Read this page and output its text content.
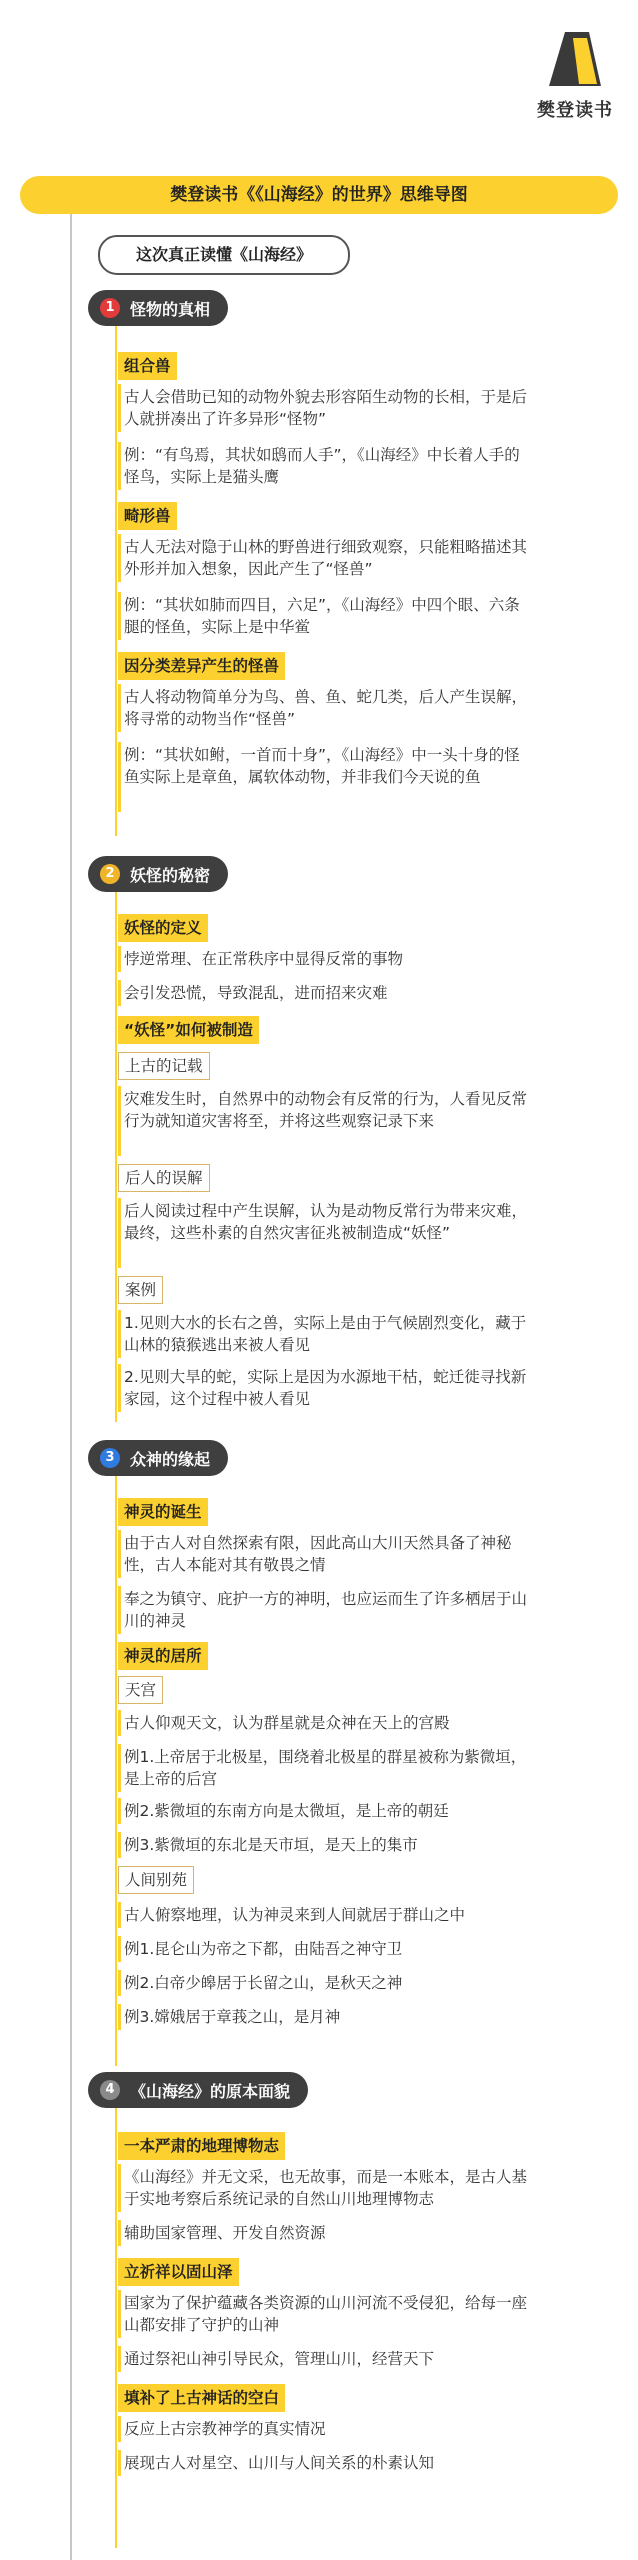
樊登读书
樊登读书《《山海经》的世界》思维导图
这次真正读懂《山海经》
1 怪物的真相
组合兽
古人会借助已知的动物外貌去形容陌生动物的长相，于是后人就拼凑出了许多异形“怪物”
例：“有鸟焉，其状如鸱而人手”，《山海经》中长着人手的怪鸟，实际上是猫头鹰
畸形兽
古人无法对隐于山林的野兽进行细致观察，只能粗略描述其外形并加入想象，因此产生了“怪兽”
例：“其状如肺而四目，六足”，《山海经》中四个眼、六条腿的怪鱼，实际上是中华鲎
因分类差异产生的怪兽
古人将动物简单分为鸟、兽、鱼、蛇几类，后人产生误解，将寻常的动物当作“怪兽”
例：“其状如鲋，一首而十身”，《山海经》中一头十身的怪鱼实际上是章鱼，属软体动物，并非我们今天说的鱼
2 妖怪的秘密
妖怪的定义
悖逆常理、在正常秩序中显得反常的事物
会引发恐慌，导致混乱，进而招来灾难
“妖怪”如何被制造
上古的记载
灾难发生时，自然界中的动物会有反常的行为，人看见反常行为就知道灾害将至，并将这些观察记录下来
后人的误解
后人阅读过程中产生误解，认为是动物反常行为带来灾难，最终，这些朴素的自然灾害征兆被制造成“妖怪”
案例
1.见则大水的长右之兽，实际上是由于气候剧烈变化，藏于山林的猿猴逃出来被人看见
2.见则大旱的蛇，实际上是因为水源地干枯，蛇迁徙寻找新家园，这个过程中被人看见
3 众神的缘起
神灵的诞生
由于古人对自然探索有限，因此高山大川天然具备了神秘性，古人本能对其有敬畏之情
奉之为镇守、庇护一方的神明，也应运而生了许多栖居于山川的神灵
神灵的居所
天宫
古人仰观天文，认为群星就是众神在天上的宫殿
例1.上帝居于北极星，围绕着北极星的群星被称为紫微垣，是上帝的后宫
例2.紫微垣的东南方向是太微垣，是上帝的朝廷
例3.紫微垣的东北是天市垣，是天上的集市
人间别苑
古人俯察地理，认为神灵来到人间就居于群山之中
例1.昆仑山为帝之下都，由陆吾之神守卫
例2.白帝少皞居于长留之山，是秋天之神
例3.嫦娥居于章莪之山，是月神
4 《山海经》的原本面貌
一本严肃的地理博物志
《山海经》并无文采，也无故事，而是一本账本，是古人基于实地考察后系统记录的自然山川地理博物志
辅助国家管理、开发自然资源
立祈祥以固山泽
国家为了保护蕴藏各类资源的山川河流不受侵犯，给每一座山都安排了守护的山神
通过祭祀山神引导民众，管理山川，经营天下
填补了上古神话的空白
反应上古宗教神学的真实情况
展现古人对星空、山川与人间关系的朴素认知
